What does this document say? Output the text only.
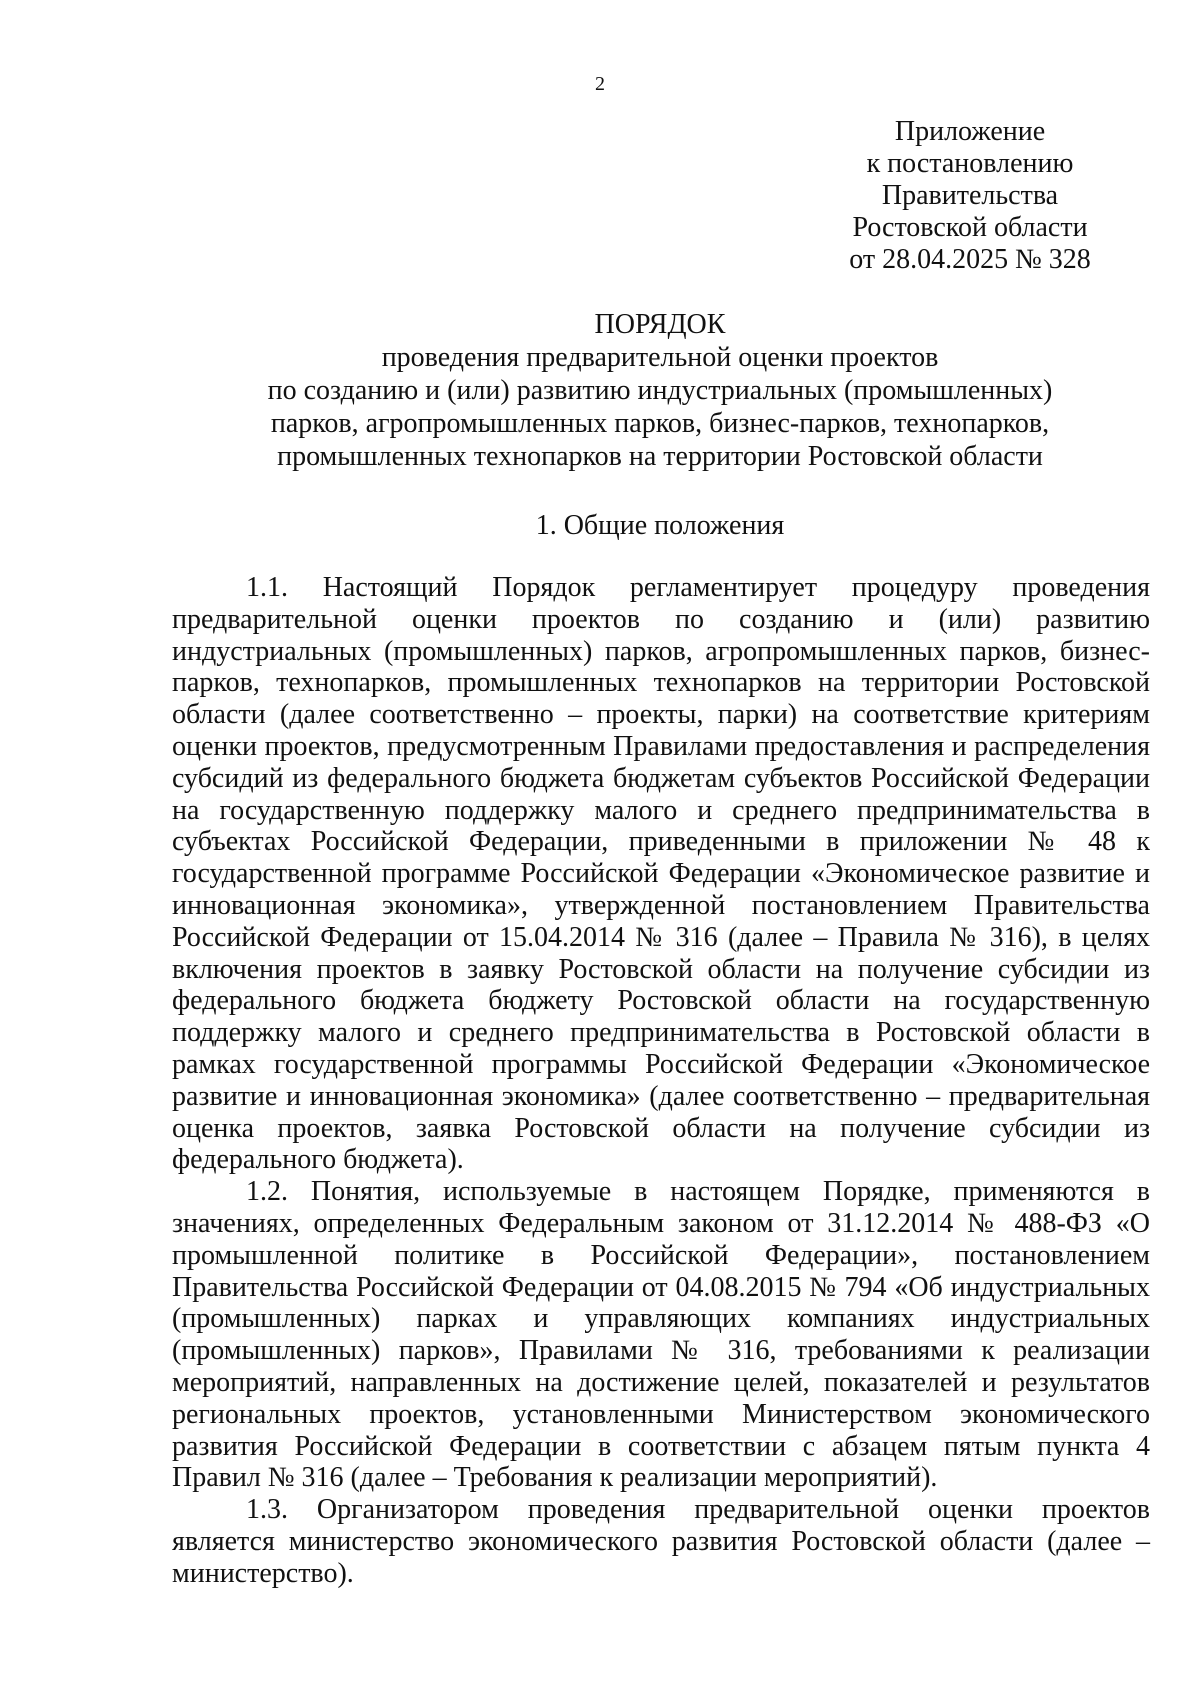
2
Приложение
к постановлению
Правительства
Ростовской области
от 28.04.2025 № 328
ПОРЯДОК
проведения предварительной оценки проектов
по созданию и (или) развитию индустриальных (промышленных)
парков, агропромышленных парков, бизнес-парков, технопарков,
промышленных технопарков на территории Ростовской области
1. Общие положения

1.1. Настоящий Порядок регламентирует процедуру проведения предварительной оценки проектов по созданию и (или) развитию индустриальных (промышленных) парков, агропромышленных парков, бизнес-парков, технопарков, промышленных технопарков на территории Ростовской области (далее соответственно – проекты, парки) на соответствие критериям оценки проектов, предусмотренным Правилами предоставления и распределения субсидий из федерального бюджета бюджетам субъектов Российской Федерации на государственную поддержку малого и среднего предпринимательства в субъектах Российской Федерации, приведенными в приложении № 48 к государственной программе Российской Федерации «Экономическое развитие и инновационная экономика», утвержденной постановлением Правительства Российской Федерации от 15.04.2014 № 316 (далее – Правила № 316), в целях включения проектов в заявку Ростовской области на получение субсидии из федерального бюджета бюджету Ростовской области на государственную поддержку малого и среднего предпринимательства в Ростовской области в рамках государственной программы Российской Федерации «Экономическое развитие и инновационная экономика» (далее соответственно – предварительная оценка проектов, заявка Ростовской области на получение субсидии из федерального бюджета).

1.2. Понятия, используемые в настоящем Порядке, применяются в значениях, определенных Федеральным законом от 31.12.2014 № 488-ФЗ «О промышленной политике в Российской Федерации», постановлением Правительства Российской Федерации от 04.08.2015 № 794 «Об индустриальных (промышленных) парках и управляющих компаниях индустриальных (промышленных) парков», Правилами № 316, требованиями к реализации мероприятий, направленных на достижение целей, показателей и результатов региональных проектов, установленными Министерством экономического развития Российской Федерации в соответствии с абзацем пятым пункта 4 Правил № 316 (далее – Требования к реализации мероприятий).

1.3. Организатором проведения предварительной оценки проектов является министерство экономического развития Ростовской области (далее – министерство).
